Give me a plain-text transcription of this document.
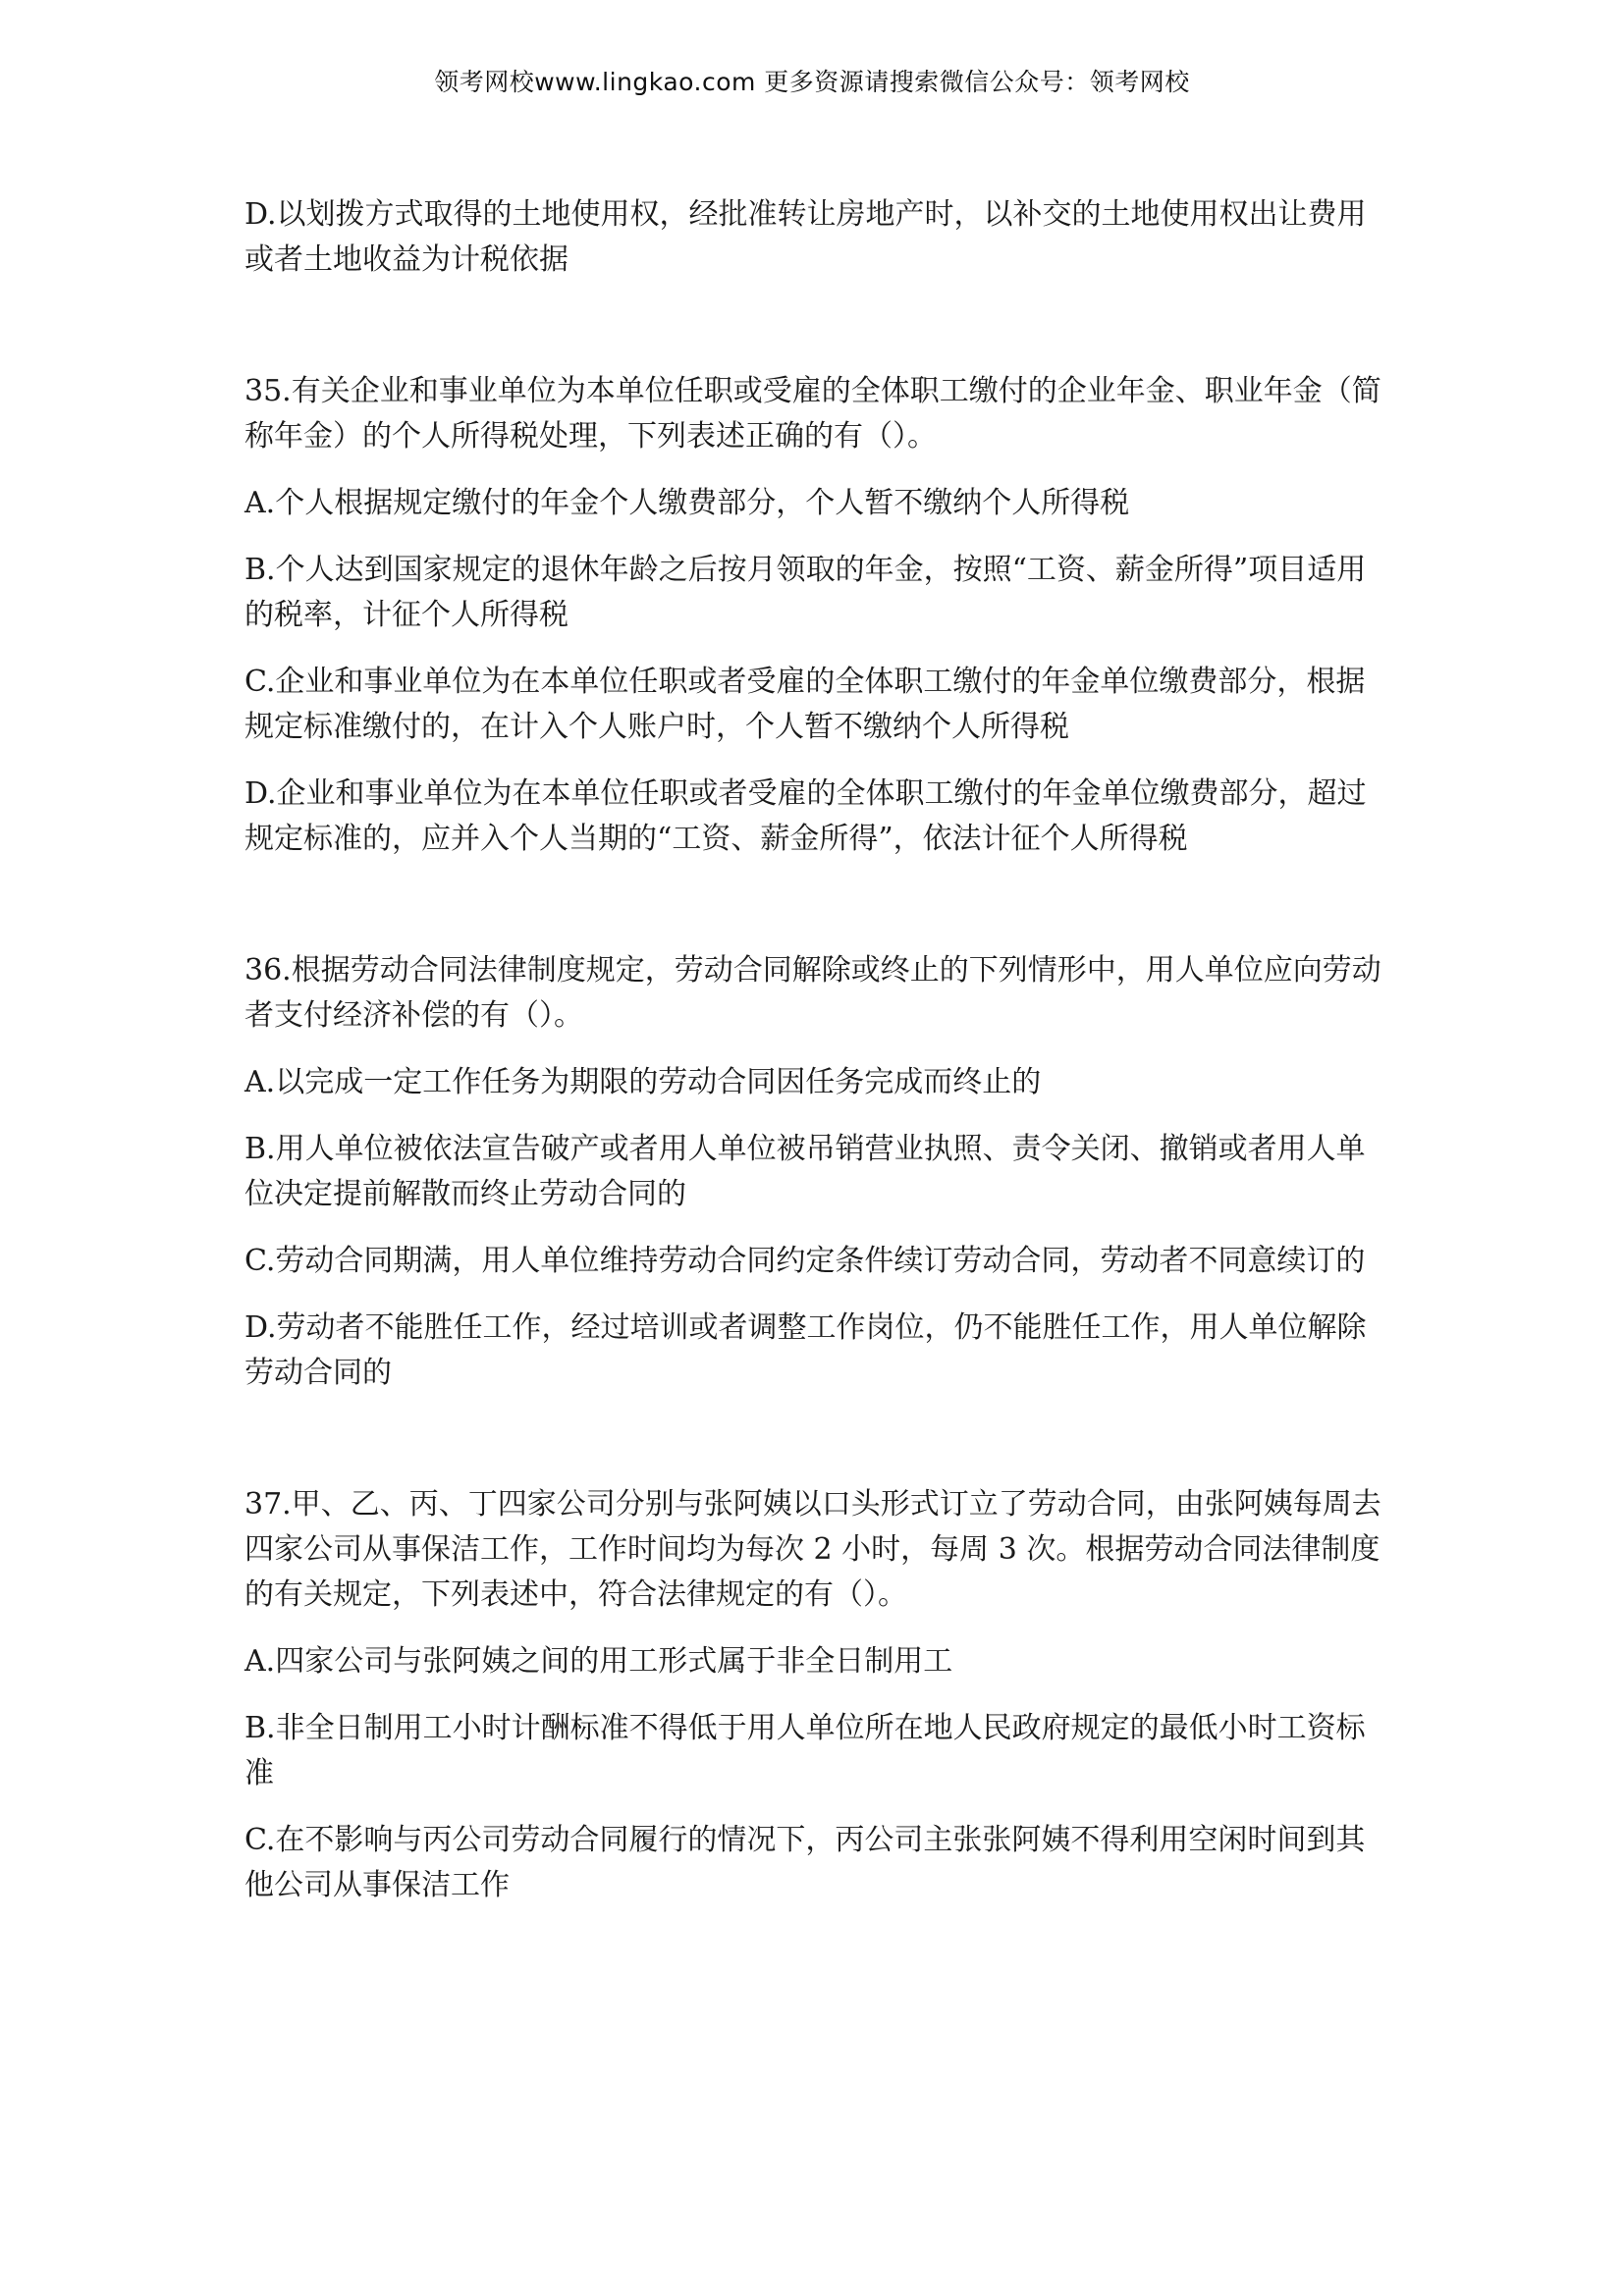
领考网校www.lingkao.com 更多资源请搜索微信公众号：领考网校

D.以划拨方式取得的土地使用权，经批准转让房地产时，以补交的土地使用权出让费用或者土地收益为计税依据

35.有关企业和事业单位为本单位任职或受雇的全体职工缴付的企业年金、职业年金（简称年金）的个人所得税处理，下列表述正确的有（）。

A.个人根据规定缴付的年金个人缴费部分，个人暂不缴纳个人所得税

B.个人达到国家规定的退休年龄之后按月领取的年金，按照“工资、薪金所得”项目适用的税率，计征个人所得税

C.企业和事业单位为在本单位任职或者受雇的全体职工缴付的年金单位缴费部分，根据规定标准缴付的，在计入个人账户时，个人暂不缴纳个人所得税

D.企业和事业单位为在本单位任职或者受雇的全体职工缴付的年金单位缴费部分，超过规定标准的，应并入个人当期的“工资、薪金所得”，依法计征个人所得税

36.根据劳动合同法律制度规定，劳动合同解除或终止的下列情形中，用人单位应向劳动者支付经济补偿的有（）。

A.以完成一定工作任务为期限的劳动合同因任务完成而终止的

B.用人单位被依法宣告破产或者用人单位被吊销营业执照、责令关闭、撤销或者用人单位决定提前解散而终止劳动合同的

C.劳动合同期满，用人单位维持劳动合同约定条件续订劳动合同，劳动者不同意续订的

D.劳动者不能胜任工作，经过培训或者调整工作岗位，仍不能胜任工作，用人单位解除劳动合同的

37.甲、乙、丙、丁四家公司分别与张阿姨以口头形式订立了劳动合同，由张阿姨每周去四家公司从事保洁工作，工作时间均为每次 2 小时，每周 3 次。根据劳动合同法律制度的有关规定，下列表述中，符合法律规定的有（）。

A.四家公司与张阿姨之间的用工形式属于非全日制用工

B.非全日制用工小时计酬标准不得低于用人单位所在地人民政府规定的最低小时工资标准

C.在不影响与丙公司劳动合同履行的情况下，丙公司主张张阿姨不得利用空闲时间到其他公司从事保洁工作
